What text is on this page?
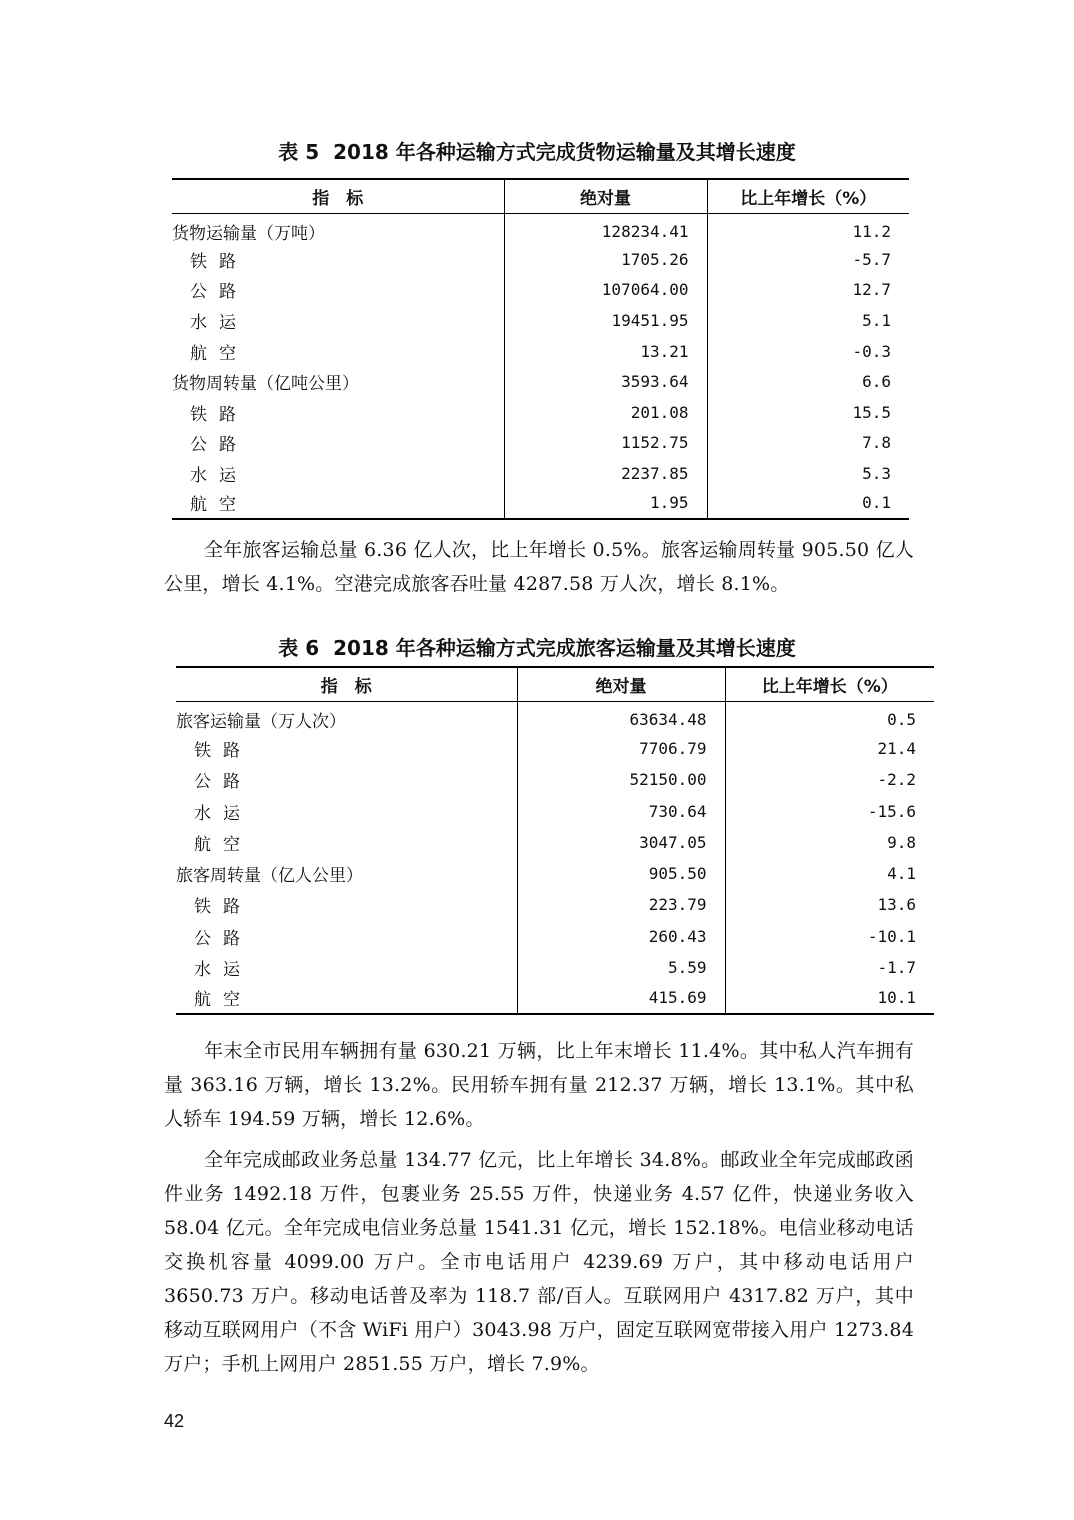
表 5 2018 年各种运输方式完成货物运输量及其增长速度
指　标	绝对量	比上年增长（%）
货物运输量（万吨）	128234.41	11.2
铁路	1705.26	-5.7
公路	107064.00	12.7
水运	19451.95	5.1
航空	13.21	-0.3
货物周转量（亿吨公里）	3593.64	6.6
铁路	201.08	15.5
公路	1152.75	7.8
水运	2237.85	5.3
航空	1.95	0.1

全年旅客运输总量 6.36 亿人次，比上年增长 0.5%。旅客运输周转量 905.50 亿人公里，增长 4.1%。空港完成旅客吞吐量 4287.58 万人次，增长 8.1%。

表 6 2018 年各种运输方式完成旅客运输量及其增长速度
指　标	绝对量	比上年增长（%）
旅客运输量（万人次）	63634.48	0.5
铁路	7706.79	21.4
公路	52150.00	-2.2
水运	730.64	-15.6
航空	3047.05	9.8
旅客周转量（亿人公里）	905.50	4.1
铁路	223.79	13.6
公路	260.43	-10.1
水运	5.59	-1.7
航空	415.69	10.1

年末全市民用车辆拥有量 630.21 万辆，比上年末增长 11.4%。其中私人汽车拥有量 363.16 万辆，增长 13.2%。民用轿车拥有量 212.37 万辆，增长 13.1%。其中私人轿车 194.59 万辆，增长 12.6%。

全年完成邮政业务总量 134.77 亿元，比上年增长 34.8%。邮政业全年完成邮政函件业务 1492.18 万件，包裹业务 25.55 万件，快递业务 4.57 亿件，快递业务收入 58.04 亿元。全年完成电信业务总量 1541.31 亿元，增长 152.18%。电信业移动电话交换机容量 4099.00 万户。全市电话用户 4239.69 万户，其中移动电话用户 3650.73 万户。移动电话普及率为 118.7 部/百人。互联网用户 4317.82 万户，其中移动互联网用户（不含 WiFi 用户）3043.98 万户，固定互联网宽带接入用户 1273.84 万户；手机上网用户 2851.55 万户，增长 7.9%。

42
